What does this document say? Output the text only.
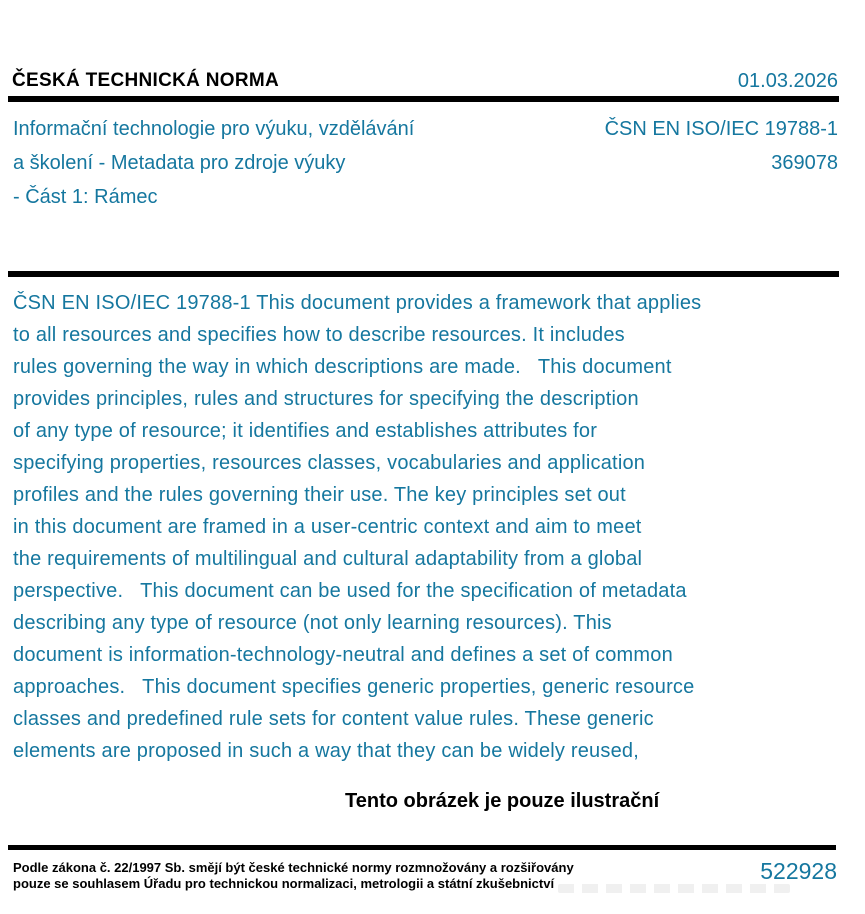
ČESKÁ TECHNICKÁ NORMA	01.03.2026
Informační technologie pro výuku, vzdělávání
a školení - Metadata pro zdroje výuky
- Část 1: Rámec
ČSN EN ISO/IEC 19788-1
369078
ČSN EN ISO/IEC 19788-1 This document provides a framework that applies
to all resources and specifies how to describe resources. It includes
rules governing the way in which descriptions are made.   This document
provides principles, rules and structures for specifying the description
of any type of resource; it identifies and establishes attributes for
specifying properties, resources classes, vocabularies and application
profiles and the rules governing their use. The key principles set out
in this document are framed in a user-centric context and aim to meet
the requirements of multilingual and cultural adaptability from a global
perspective.   This document can be used for the specification of metadata
describing any type of resource (not only learning resources). This
document is information-technology-neutral and defines a set of common
approaches.   This document specifies generic properties, generic resource
classes and predefined rule sets for content value rules. These generic
elements are proposed in such a way that they can be widely reused,
Tento obrázek je pouze ilustrační
Podle zákona č. 22/1997 Sb. smějí být české technické normy rozmnožovány a rozšiřovány
pouze se souhlasem Úřadu pro technickou normalizaci, metrologii a státní zkušebnictví	522928
